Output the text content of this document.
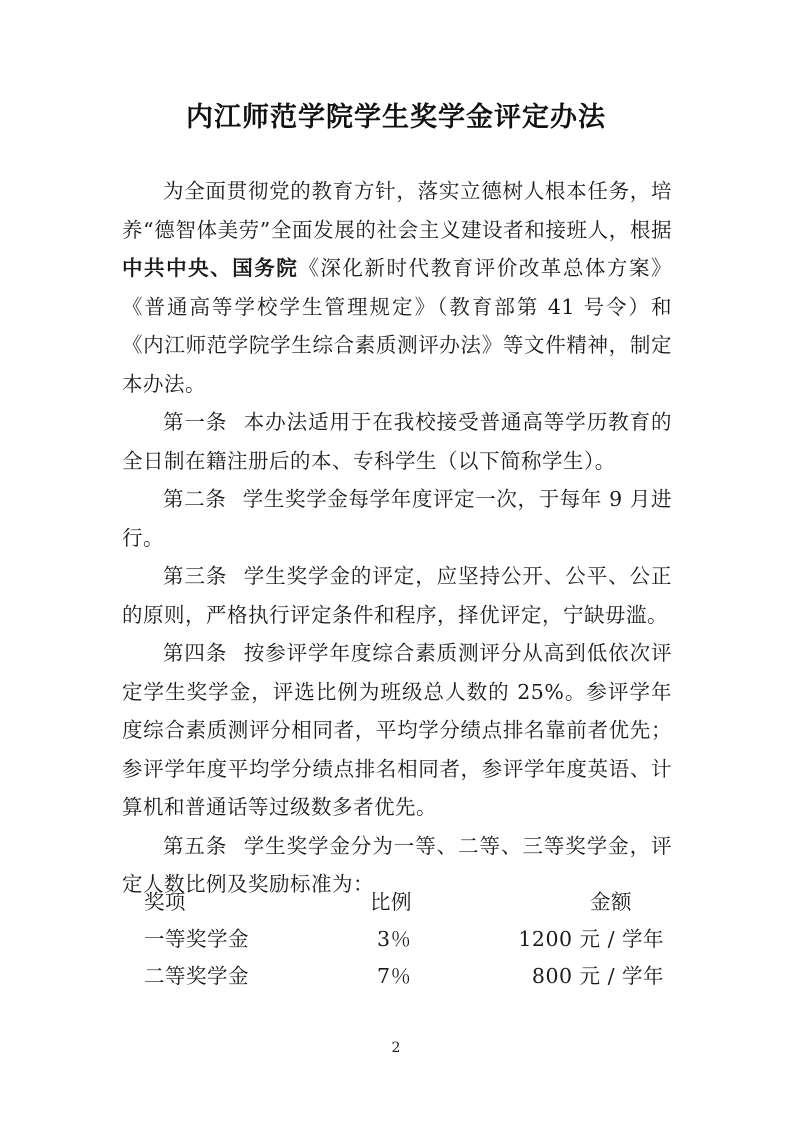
内江师范学院学生奖学金评定办法

为全面贯彻党的教育方针，落实立德树人根本任务，培养“德智体美劳”全面发展的社会主义建设者和接班人，根据中共中央、国务院《深化新时代教育评价改革总体方案》《普通高等学校学生管理规定》（教育部第 41 号令）和《内江师范学院学生综合素质测评办法》等文件精神，制定本办法。

第一条 本办法适用于在我校接受普通高等学历教育的全日制在籍注册后的本、专科学生（以下简称学生）。

第二条 学生奖学金每学年度评定一次，于每年 9 月进行。

第三条 学生奖学金的评定，应坚持公开、公平、公正的原则，严格执行评定条件和程序，择优评定，宁缺毋滥。

第四条 按参评学年度综合素质测评分从高到低依次评定学生奖学金，评选比例为班级总人数的 25%。参评学年度综合素质测评分相同者，平均学分绩点排名靠前者优先；参评学年度平均学分绩点排名相同者，参评学年度英语、计算机和普通话等过级数多者优先。

第五条 学生奖学金分为一等、二等、三等奖学金，评定人数比例及奖励标准为：

奖项	比例	金额
一等奖学金	3％	1200 元 / 学年
二等奖学金	7％	800 元 / 学年
2
